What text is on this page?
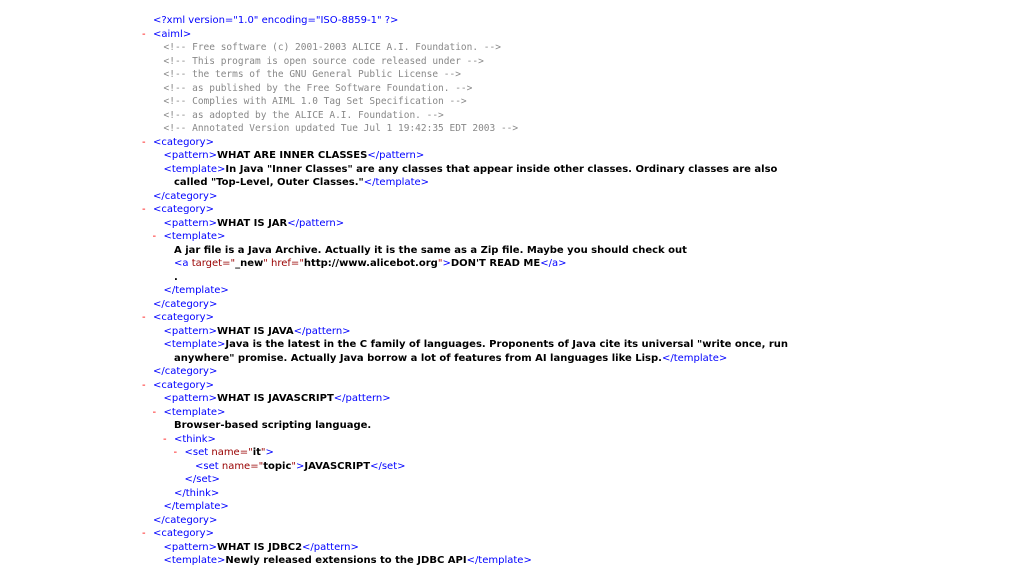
<?xml version="1.0" encoding="ISO-8859-1" ?>
- <aiml>
<!-- Free software (c) 2001-2003 ALICE A.I. Foundation. -->
<!-- This program is open source code released under -->
<!-- the terms of the GNU General Public License -->
<!-- as published by the Free Software Foundation. -->
<!-- Complies with AIML 1.0 Tag Set Specification -->
<!-- as adopted by the ALICE A.I. Foundation. -->
<!-- Annotated Version updated Tue Jul 1 19:42:35 EDT 2003 -->
- <category>
<pattern>WHAT ARE INNER CLASSES</pattern>
<template>In Java "Inner Classes" are any classes that appear inside other classes. Ordinary classes are also
called "Top-Level, Outer Classes."</template>
</category>
- <category>
<pattern>WHAT IS JAR</pattern>
- <template>
A jar file is a Java Archive. Actually it is the same as a Zip file. Maybe you should check out
<a target="_new" href="http://www.alicebot.org">DON'T READ ME</a>
.
</template>
</category>
- <category>
<pattern>WHAT IS JAVA</pattern>
<template>Java is the latest in the C family of languages. Proponents of Java cite its universal "write once, run
anywhere" promise. Actually Java borrow a lot of features from AI languages like Lisp.</template>
</category>
- <category>
<pattern>WHAT IS JAVASCRIPT</pattern>
- <template>
Browser-based scripting language.
- <think>
- <set name="it">
<set name="topic">JAVASCRIPT</set>
</set>
</think>
</template>
</category>
- <category>
<pattern>WHAT IS JDBC2</pattern>
<template>Newly released extensions to the JDBC API</template>
